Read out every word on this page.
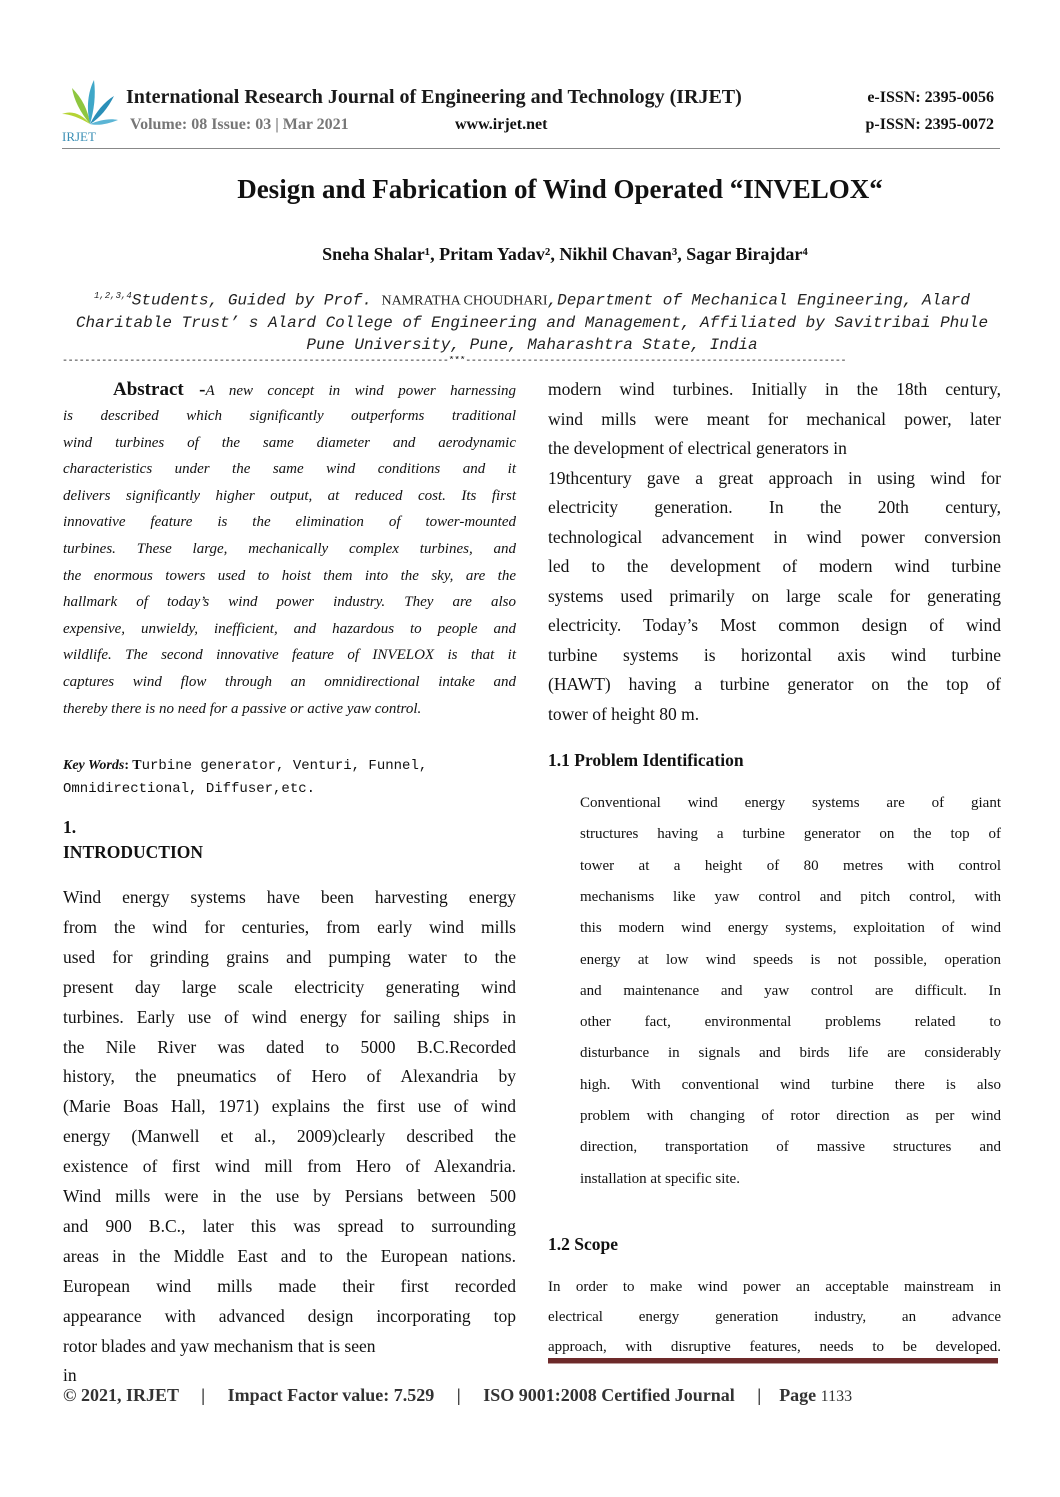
IRJET
International Research Journal of Engineering and Technology (IRJET)
Volume: 08 Issue: 03 | Mar 2021	www.irjet.net
e-ISSN: 2395-0056
p-ISSN: 2395-0072
Design and Fabrication of Wind Operated “INVELOX“
Sneha Shalar¹, Pritam Yadav², Nikhil Chavan³, Sagar Birajdar⁴
$^{1,2,3,4}$Students, Guided by Prof. NAMRATHA CHOUDHARI,Department of Mechanical Engineering, Alard
Charitable Trust’ s Alard College of Engineering and Management, Affiliated by Savitribai Phule
Pune University, Pune, Maharashtra State, India
---------------------------------------------------------------------***--------------------------------------------------------------------
Abstract -A new concept in wind power harnessing
is described which significantly outperforms traditional
wind turbines of the same diameter and aerodynamic
characteristics under the same wind conditions and it
delivers significantly higher output, at reduced cost. Its first
innovative feature is the elimination of tower-mounted
turbines. These large, mechanically complex turbines, and
the enormous towers used to hoist them into the sky, are the
hallmark of today’s wind power industry. They are also
expensive, unwieldy, inefficient, and hazardous to people and
wildlife. The second innovative feature of INVELOX is that it
captures wind flow through an omnidirectional intake and
thereby there is no need for a passive or active yaw control.
Key Words: Turbine generator, Venturi, Funnel, Omnidirectional, Diffuser,etc.
1.
INTRODUCTION
Wind energy systems have been harvesting energy
from the wind for centuries, from early wind mills
used for grinding grains and pumping water to the
present day large scale electricity generating wind
turbines. Early use of wind energy for sailing ships in
the Nile River was dated to 5000 B.C.Recorded
history, the pneumatics of Hero of Alexandria by
(Marie Boas Hall, 1971) explains the first use of wind
energy (Manwell et al., 2009)clearly described the
existence of first wind mill from Hero of Alexandria.
Wind mills were in the use by Persians between 500
and 900 B.C., later this was spread to surrounding
areas in the Middle East and to the European nations.
European wind mills made their first recorded
appearance with advanced design incorporating top
rotor blades and yaw mechanism that is seen
in
modern wind turbines. Initially in the 18th century,
wind mills were meant for mechanical power, later
the development of electrical generators in
19thcentury gave a great approach in using wind for
electricity generation. In the 20th century,
technological advancement in wind power conversion
led to the development of modern wind turbine
systems used primarily on large scale for generating
electricity. Today’s Most common design of wind
turbine systems is horizontal axis wind turbine
(HAWT) having a turbine generator on the top of
tower of height 80 m.
1.1 Problem Identification
Conventional wind energy systems are of giant
structures having a turbine generator on the top of
tower at a height of 80 metres with control
mechanisms like yaw control and pitch control, with
this modern wind energy systems, exploitation of wind
energy at low wind speeds is not possible, operation
and maintenance and yaw control are difficult. In
other fact, environmental problems related to
disturbance in signals and birds life are considerably
high. With conventional wind turbine there is also
problem with changing of rotor direction as per wind
direction, transportation of massive structures and
installation at specific site.
1.2 Scope
In order to make wind power an acceptable mainstream in
electrical energy generation industry, an advance
approach, with disruptive features, needs to be developed.
© 2021, IRJET     |     Impact Factor value: 7.529     |     ISO 9001:2008 Certified Journal     |    Page 1133
